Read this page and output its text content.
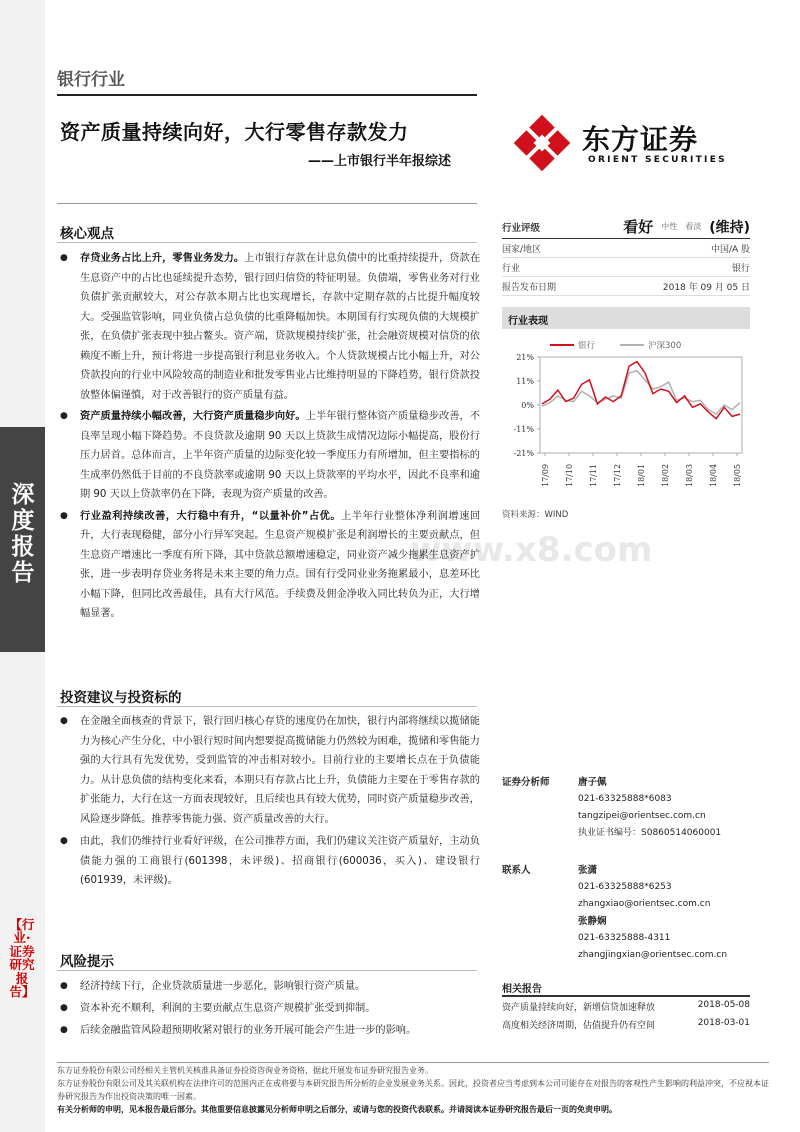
深度报告
【行业·证券研究报告】
银行行业
资产质量持续向好，大行零售存款发力
——上市银行半年报综述
东方证券
ORIENT SECURITIES
www.x8.com
核心观点
● 存贷业务占比上升，零售业务发力。上市银行存款在计息负债中的比重持续提升，贷款在生息资产中的占比也延续提升态势，银行回归信贷的特征明显。负债端，零售业务对行业负债扩张贡献较大，对公存款本期占比也实现增长，存款中定期存款的占比提升幅度较大。受强监管影响，同业负债占总负债的比重降幅加快。本期国有行实现负债的大规模扩张，在负债扩张表现中独占鳌头。资产端，贷款规模持续扩张，社会融资规模对信贷的依赖度不断上升，预计将进一步提高银行利息业务收入。个人贷款规模占比小幅上升，对公贷款投向的行业中风险较高的制造业和批发零售业占比维持明显的下降趋势，银行贷款投放整体偏谨慎，对于改善银行的资产质量有益。
● 资产质量持续小幅改善，大行资产质量稳步向好。上半年银行整体资产质量稳步改善，不良率呈现小幅下降趋势。不良贷款及逾期 90 天以上贷款生成情况边际小幅提高，股份行压力居首。总体而言，上半年资产质量的边际变化较一季度压力有所增加，但主要指标的生成率仍然低于目前的不良贷款率或逾期 90 天以上贷款率的平均水平，因此不良率和逾期 90 天以上贷款率仍在下降，表现为资产质量的改善。
● 行业盈利持续改善，大行稳中有升，“以量补价”占优。上半年行业整体净利润增速回升，大行表现稳健，部分小行异军突起。生息资产规模扩张是利润增长的主要贡献点，但生息资产增速比一季度有所下降，其中贷款总额增速稳定，同业资产减少拖累生息资产扩张，进一步表明存贷业务将是未来主要的角力点。国有行受同业业务拖累最小，息差环比小幅下降，但同比改善最佳，具有大行风范。手续费及佣金净收入同比转负为正，大行增幅显著。
投资建议与投资标的
● 在金融全面核查的背景下，银行回归核心存贷的速度仍在加快，银行内部将继续以揽储能力为核心产生分化，中小银行短时间内想要提高揽储能力仍然较为困难，揽储和零售能力强的大行具有先发优势，受到监管的冲击相对较小。目前行业的主要增长点在于负债能力。从计息负债的结构变化来看，本期只有存款占比上升，负债能力主要在于零售存款的扩张能力，大行在这一方面表现较好，且后续也具有较大优势，同时资产质量稳步改善，风险逐步降低。推荐零售能力强、资产质量改善的大行。
● 由此，我们仍维持行业看好评级，在公司推荐方面，我们仍建议关注资产质量好，主动负债能力强的工商银行(601398，未评级)、招商银行(600036，买入)、建设银行(601939，未评级)。
风险提示
● 经济持续下行，企业贷款质量进一步恶化，影响银行资产质量。
● 资本补充不顺利，利润的主要贡献点生息资产规模扩张受到抑制。
● 后续金融监管风险超预期收紧对银行的业务开展可能会产生进一步的影响。
行业评级	看好 中性 看淡 (维持)
国家/地区	中国/A 股
行业	银行
报告发布日期	2018 年 09 月 05 日
行业表现
21%
11%
0%
-11%
-21%
17/09 17/10 17/11 17/12 18/01 18/02 18/03 18/04 18/05
银行	沪深300
资料来源：WIND
证券分析师	唐子佩
021-63325888*6083
tangzipei@orientsec.com.cn
执业证书编号：S0860514060001
联系人	张潇
021-63325888*6253
zhangxiao@orientsec.com.cn
张静娴
021-63325888-4311
zhangjingxian@orientsec.com.cn
相关报告
资产质量持续向好，新增信贷加速释放	2018-05-08
高度相关经济周期，估值提升仍有空间	2018-03-01
东方证券股份有限公司经相关主管机关核准具备证券投资咨询业务资格，据此开展发布证券研究报告业务。
东方证券股份有限公司及其关联机构在法律许可的范围内正在或将要与本研究报告所分析的企业发展业务关系。因此，投资者应当考虑到本公司可能存在对报告的客观性产生影响的利益冲突，不应视本证券研究报告为作出投资决策的唯一因素。
有关分析师的申明，见本报告最后部分。其他重要信息披露见分析师申明之后部分，或请与您的投资代表联系。并请阅读本证券研究报告最后一页的免责申明。
